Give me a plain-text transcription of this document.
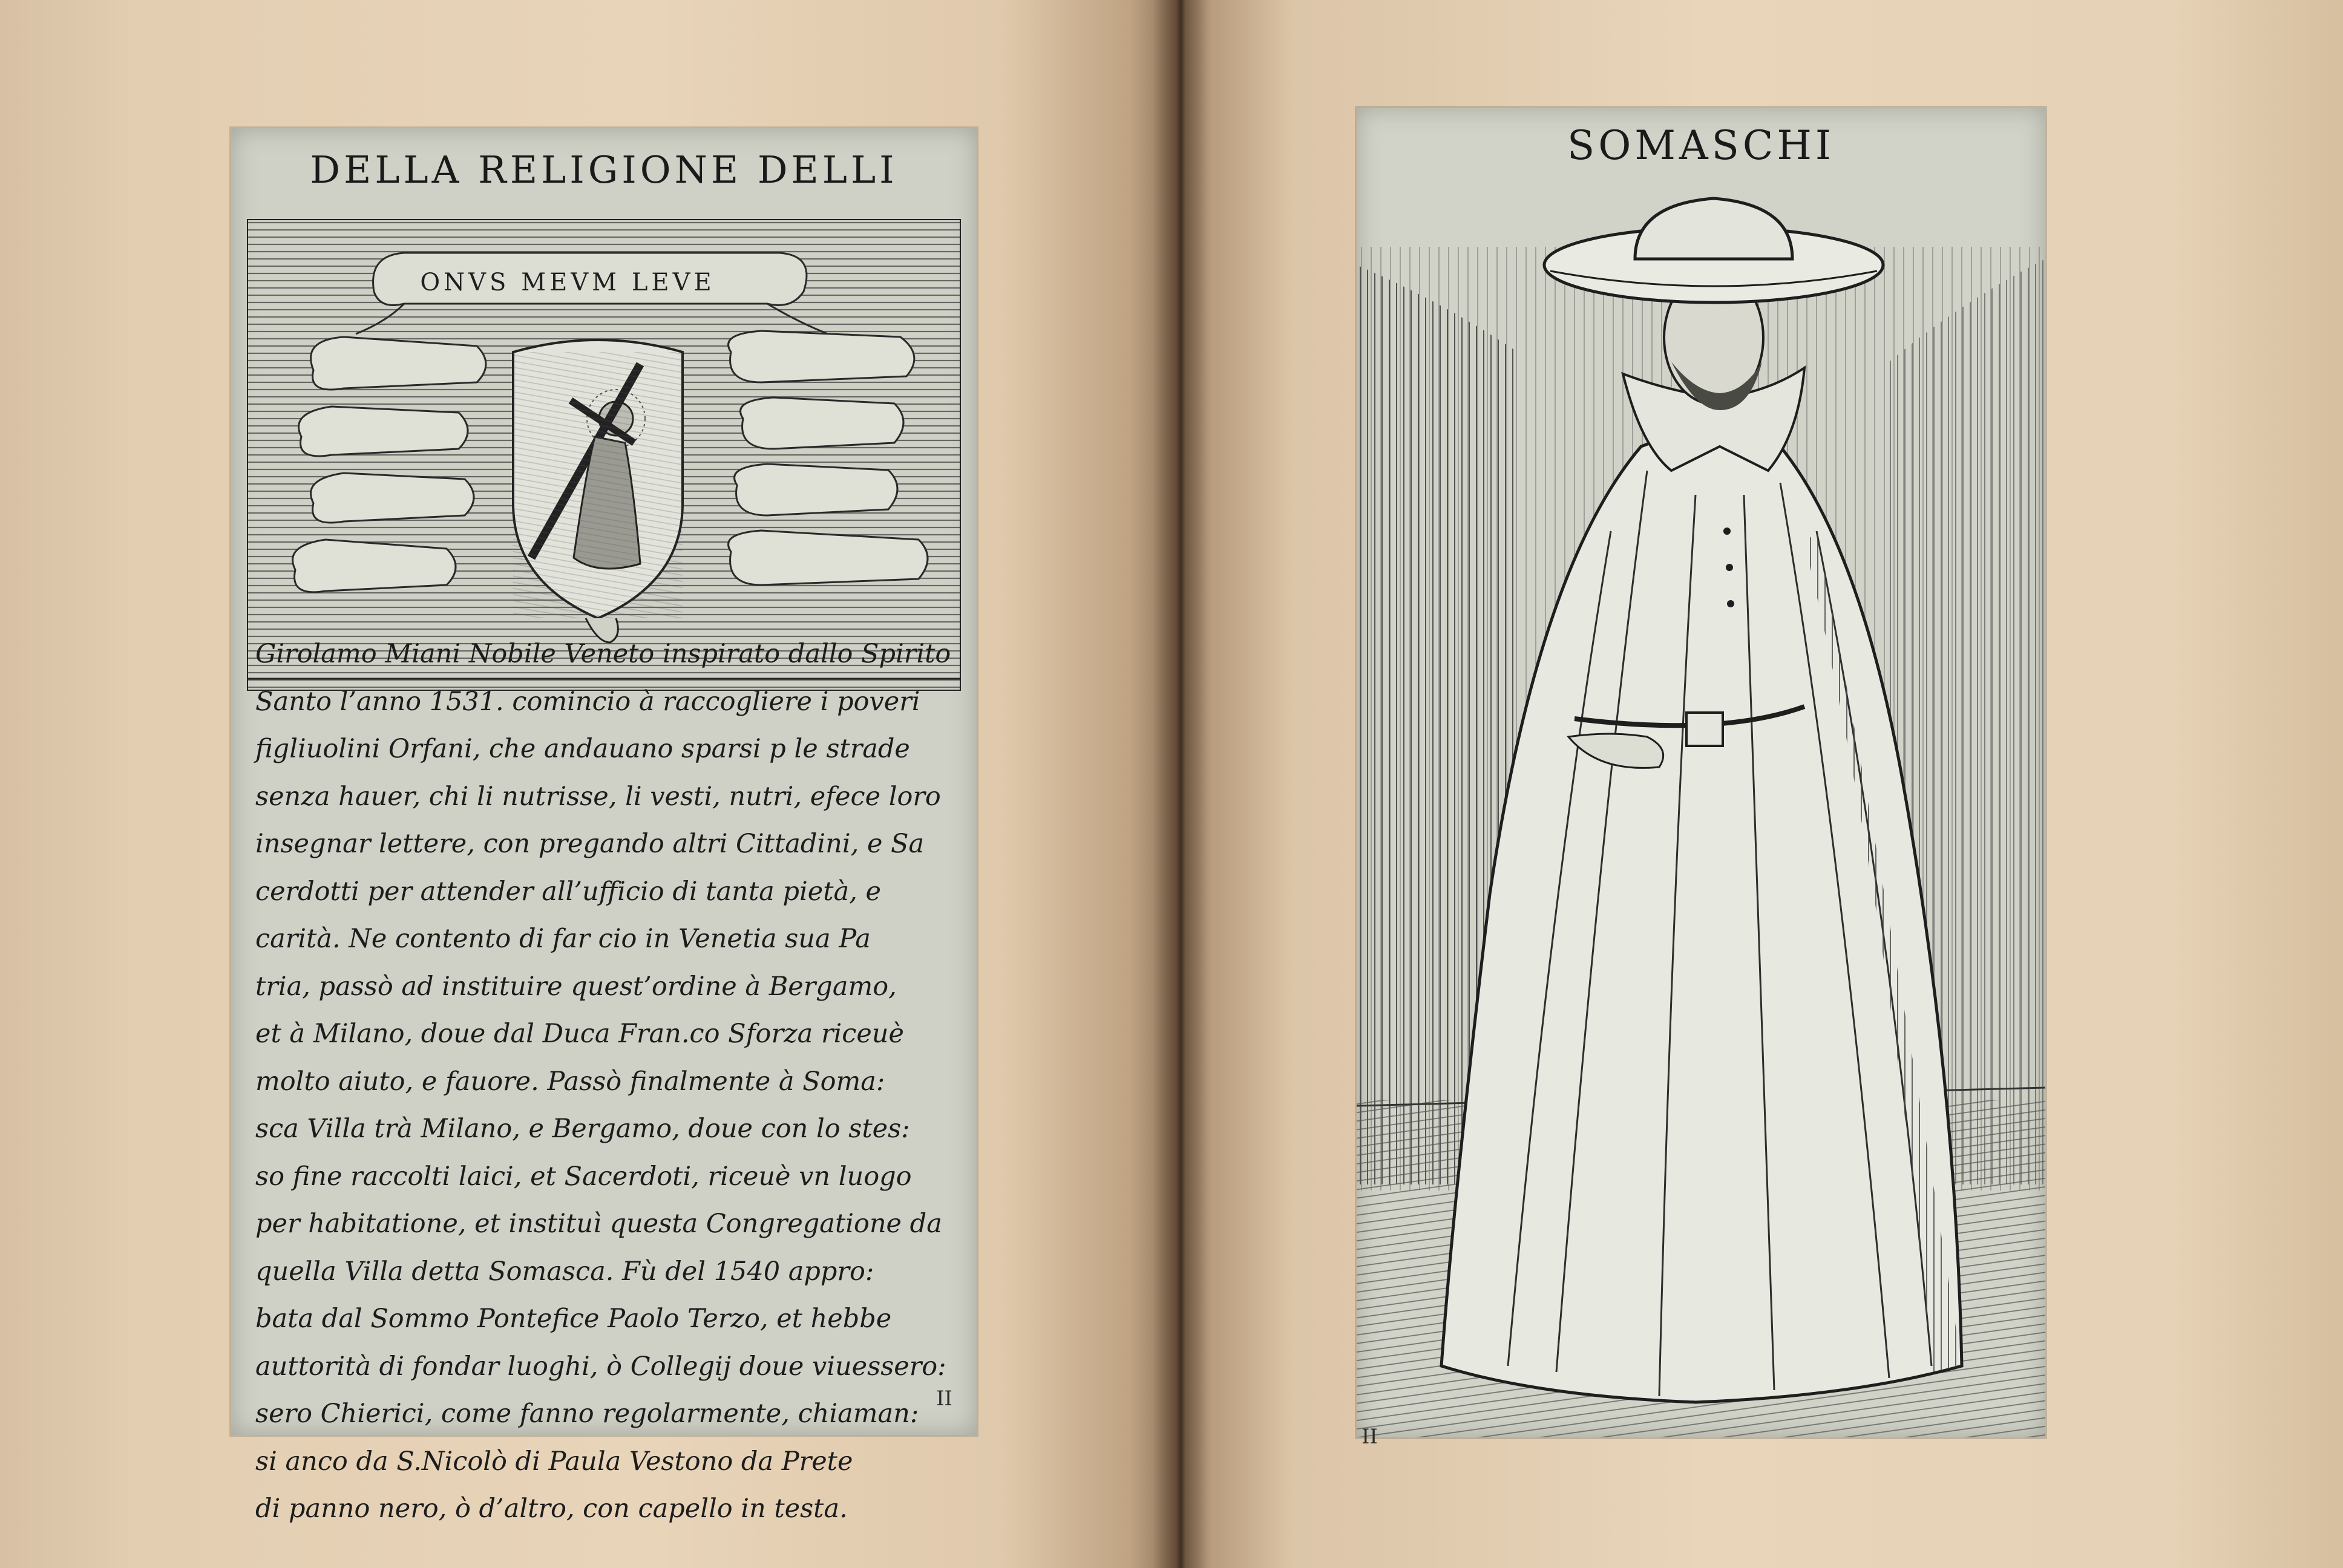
DELLA RELIGIONE DELLI
ONVS MEVM LEVE
Girolamo Miani Nobile Veneto inspirato dallo Spirito
Santo l’anno 1531. comincio à raccogliere i poveri
figliuolini Orfani, che andauano sparsi p le strade
senza hauer, chi li nutrisse, li vesti, nutri, efece loro
insegnar lettere, con pregando altri Cittadini, e Sa
cerdotti per attender all’ufficio di tanta pietà, e
carità. Ne contento di far cio in Venetia sua Pa
tria, passò ad instituire quest’ordine à Bergamo,
et à Milano, doue dal Duca Fran.co Sforza riceuè
molto aiuto, e fauore. Passò finalmente à Soma:
sca Villa trà Milano, e Bergamo, doue con lo stes:
so fine raccolti laici, et Sacerdoti, riceuè vn luogo
per habitatione, et instituì questa Congregatione da
quella Villa detta Somasca. Fù del 1540 appro:
bata dal Sommo Pontefice Paolo Terzo, et hebbe
auttorità di fondar luoghi, ò Collegij doue viuessero:
sero Chierici, come fanno regolarmente, chiaman:
si anco da S.Nicolò di Paula Vestono da Prete
di panno nero, ò d’altro, con capello in testa.
II
SOMASCHI
II
